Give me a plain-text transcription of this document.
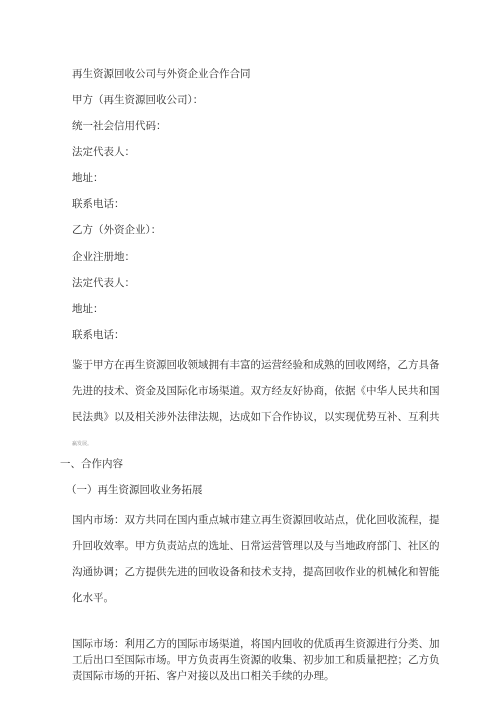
再生资源回收公司与外资企业合作合同

甲方（再生资源回收公司）：

统一社会信用代码：

法定代表人：

地址：

联系电话：

乙方（外资企业）：

企业注册地：

法定代表人：

地址：

联系电话：

鉴于甲方在再生资源回收领域拥有丰富的运营经验和成熟的回收网络，乙方具备先进的技术、资金及国际化市场渠道。双方经友好协商，依据《中华人民共和国民法典》以及相关涉外法律法规，达成如下合作协议，以实现优势互补、互利共

赢发展。

一、合作内容

（一）再生资源回收业务拓展

国内市场：双方共同在国内重点城市建立再生资源回收站点，优化回收流程，提升回收效率。甲方负责站点的选址、日常运营管理以及与当地政府部门、社区的沟通协调；乙方提供先进的回收设备和技术支持，提高回收作业的机械化和智能化水平。

国际市场：利用乙方的国际市场渠道，将国内回收的优质再生资源进行分类、加工后出口至国际市场。甲方负责再生资源的收集、初步加工和质量把控；乙方负责国际市场的开拓、客户对接以及出口相关手续的办理。
